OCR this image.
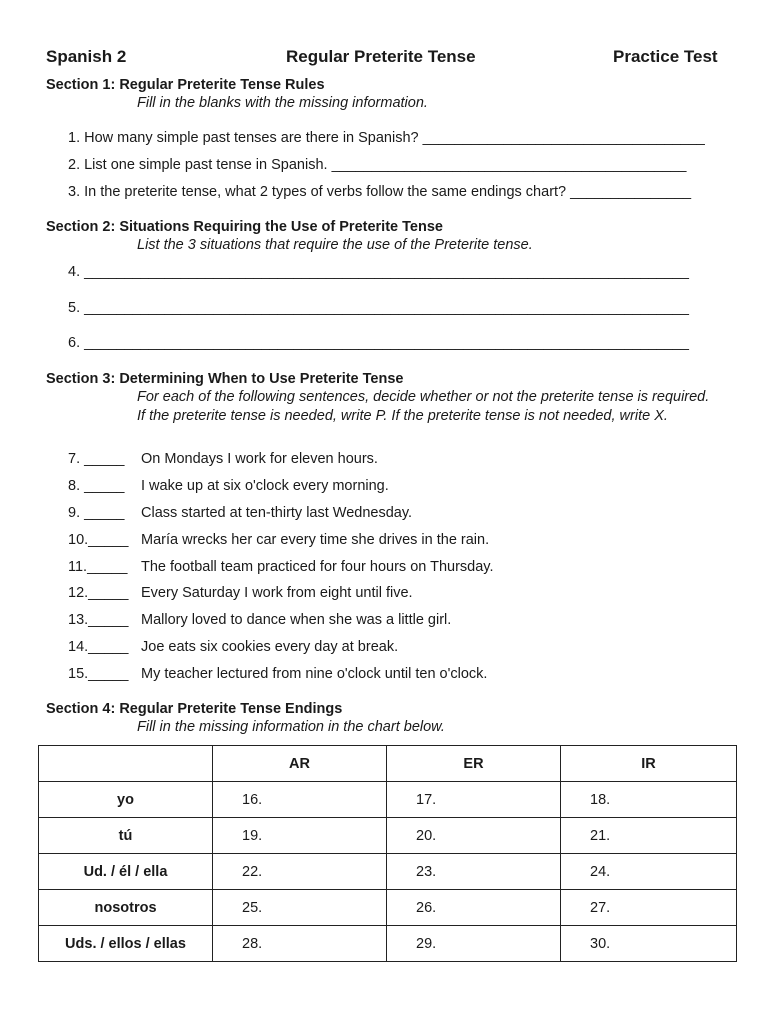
Spanish 2	Regular Preterite Tense	Practice Test
Section 1: Regular Preterite Tense Rules
Fill in the blanks with the missing information.
1. How many simple past tenses are there in Spanish? ___________________________________
2. List one simple past tense in Spanish. ____________________________________________
3. In the preterite tense, what 2 types of verbs follow the same endings chart? _______________
Section 2: Situations Requiring the Use of Preterite Tense
List the 3 situations that require the use of the Preterite tense.
4. ___________________________________________________________________________
5. ___________________________________________________________________________
6. ___________________________________________________________________________
Section 3: Determining When to Use Preterite Tense
For each of the following sentences, decide whether or not the preterite tense is required. If the preterite tense is needed, write P. If the preterite tense is not needed, write X.
7. _____ On Mondays I work for eleven hours.
8. _____ I wake up at six o'clock every morning.
9. _____ Class started at ten-thirty last Wednesday.
10._____ María wrecks her car every time she drives in the rain.
11._____ The football team practiced for four hours on Thursday.
12._____ Every Saturday I work from eight until five.
13._____ Mallory loved to dance when she was a little girl.
14._____ Joe eats six cookies every day at break.
15._____ My teacher lectured from nine o'clock until ten o'clock.
Section 4: Regular Preterite Tense Endings
Fill in the missing information in the chart below.
	AR	ER	IR
yo	16.	17.	18.
tú	19.	20.	21.
Ud. / él / ella	22.	23.	24.
nosotros	25.	26.	27.
Uds. / ellos / ellas	28.	29.	30.
